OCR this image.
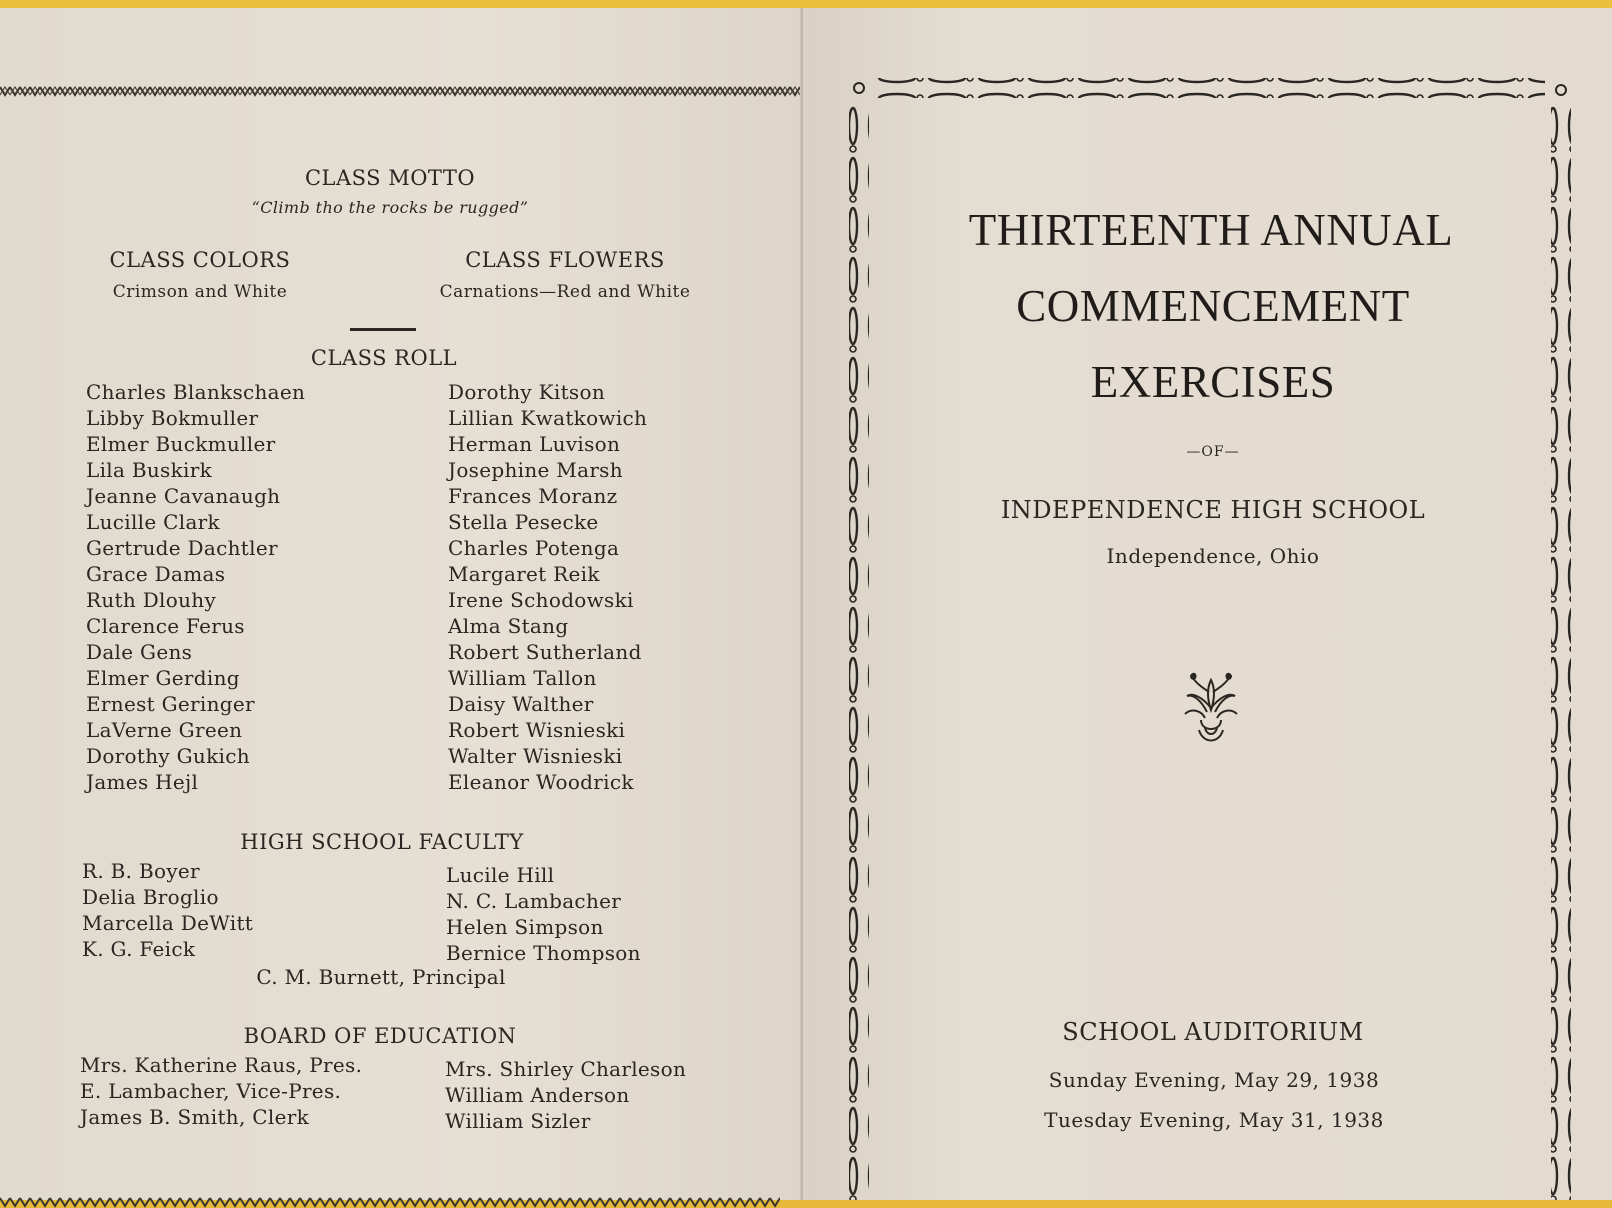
CLASS MOTTO
“Climb tho the rocks be rugged”
CLASS COLORS
Crimson and White
CLASS FLOWERS
Carnations—Red and White
CLASS ROLL
Charles Blankschaen
Libby Bokmuller
Elmer Buckmuller
Lila Buskirk
Jeanne Cavanaugh
Lucille Clark
Gertrude Dachtler
Grace Damas
Ruth Dlouhy
Clarence Ferus
Dale Gens
Elmer Gerding
Ernest Geringer
LaVerne Green
Dorothy Gukich
James Hejl
Dorothy Kitson
Lillian Kwatkowich
Herman Luvison
Josephine Marsh
Frances Moranz
Stella Pesecke
Charles Potenga
Margaret Reik
Irene Schodowski
Alma Stang
Robert Sutherland
William Tallon
Daisy Walther
Robert Wisnieski
Walter Wisnieski
Eleanor Woodrick
HIGH SCHOOL FACULTY
R. B. Boyer
Delia Broglio
Marcella DeWitt
K. G. Feick
Lucile Hill
N. C. Lambacher
Helen Simpson
Bernice Thompson
C. M. Burnett, Principal
BOARD OF EDUCATION
Mrs. Katherine Raus, Pres.
E. Lambacher, Vice-Pres.
James B. Smith, Clerk
Mrs. Shirley Charleson
William Anderson
William Sizler
THIRTEENTH ANNUAL
COMMENCEMENT
EXERCISES
—OF—
INDEPENDENCE HIGH SCHOOL
Independence, Ohio
SCHOOL AUDITORIUM
Sunday Evening, May 29, 1938
Tuesday Evening, May 31, 1938
